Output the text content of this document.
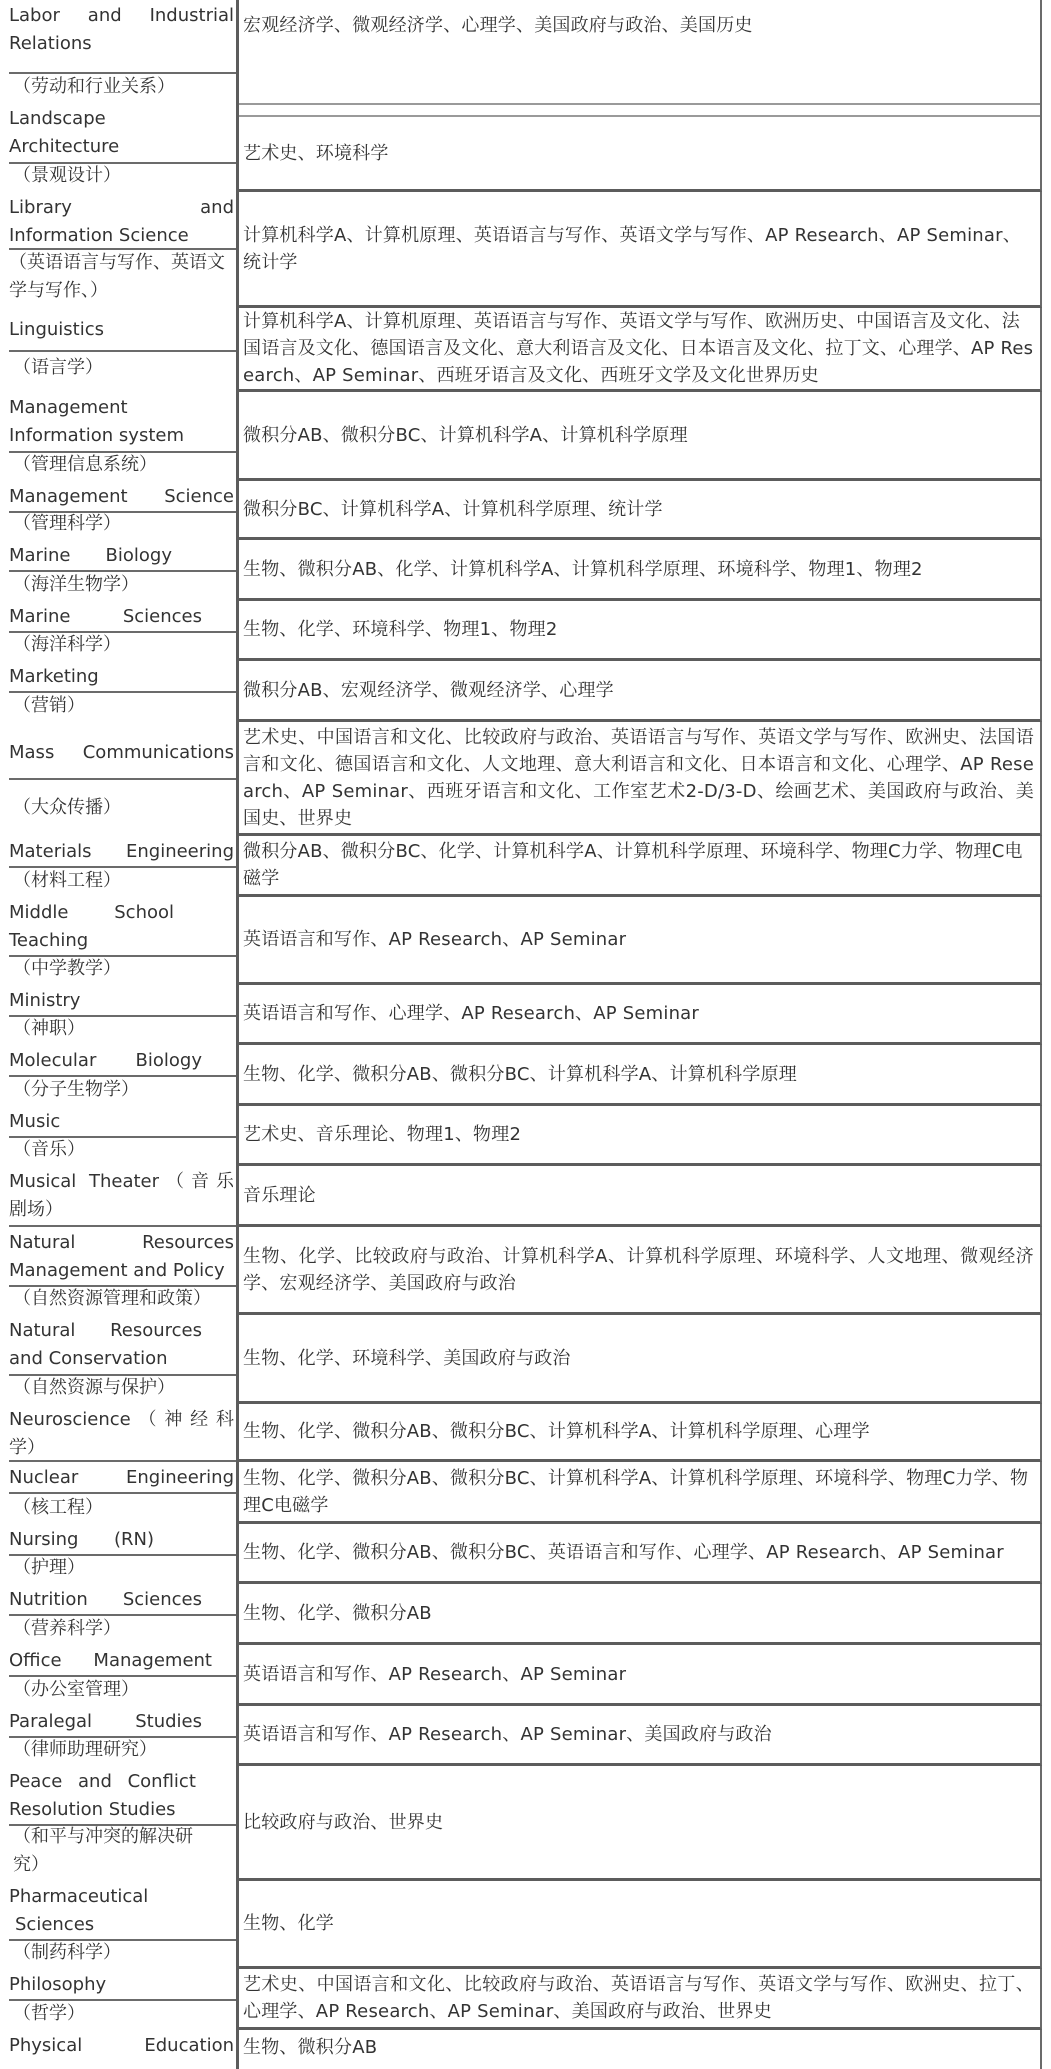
Labor and Industrial
Relations
（劳动和行业关系）
宏观经济学、微观经济学、心理学、美国政府与政治、美国历史
Landscape
Architecture
（景观设计）
艺术史、环境科学
Library and
Information Science
（英语语言与写作、英语文学与写作、）
计算机科学A、计算机原理、英语语言与写作、英语文学与写作、AP Research、AP Seminar、统计学
Linguistics
（语言学）
计算机科学A、计算机原理、英语语言与写作、英语文学与写作、欧洲历史、中国语言及文化、法国语言及文化、德国语言及文化、意大利语言及文化、日本语言及文化、拉丁文、心理学、AP Research、AP Seminar、西班牙语言及文化、西班牙文学及文化世界历史
Management
Information system
（管理信息系统）
微积分AB、微积分BC、计算机科学A、计算机科学原理
Management Science
（管理科学）
微积分BC、计算机科学A、计算机科学原理、统计学
Marine Biology
（海洋生物学）
生物、微积分AB、化学、计算机科学A、计算机科学原理、环境科学、物理1、物理2
Marine Sciences
（海洋科学）
生物、化学、环境科学、物理1、物理2
Marketing
（营销）
微积分AB、宏观经济学、微观经济学、心理学
Mass Communications
（大众传播）
艺术史、中国语言和文化、比较政府与政治、英语语言与写作、英语文学与写作、欧洲史、法国语言和文化、德国语言和文化、人文地理、意大利语言和文化、日本语言和文化、心理学、AP Research、AP Seminar、西班牙语言和文化、工作室艺术2-D/3-D、绘画艺术、美国政府与政治、美国史、世界史
Materials Engineering
（材料工程）
微积分AB、微积分BC、化学、计算机科学A、计算机科学原理、环境科学、物理C力学、物理C电磁学
Middle School
Teaching
（中学教学）
英语语言和写作、AP Research、AP Seminar
Ministry
（神职）
英语语言和写作、心理学、AP Research、AP Seminar
Molecular Biology
（分子生物学）
生物、化学、微积分AB、微积分BC、计算机科学A、计算机科学原理
Music
（音乐）
艺术史、音乐理论、物理1、物理2
Musical Theater（音乐
剧场）
音乐理论
Natural Resources
Management and Policy
（自然资源管理和政策）
生物、化学、比较政府与政治、计算机科学A、计算机科学原理、环境科学、人文地理、微观经济学、宏观经济学、美国政府与政治
Natural Resources
and Conservation
（自然资源与保护）
生物、化学、环境科学、美国政府与政治
Neuroscience（神经科
学）
生物、化学、微积分AB、微积分BC、计算机科学A、计算机科学原理、心理学
Nuclear Engineering
（核工程）
生物、化学、微积分AB、微积分BC、计算机科学A、计算机科学原理、环境科学、物理C力学、物理C电磁学
Nursing (RN)
（护理）
生物、化学、微积分AB、微积分BC、英语语言和写作、心理学、AP Research、AP Seminar
Nutrition Sciences
（营养科学）
生物、化学、微积分AB
Office Management
（办公室管理）
英语语言和写作、AP Research、AP Seminar
Paralegal Studies
（律师助理研究）
英语语言和写作、AP Research、AP Seminar、美国政府与政治
Peace and Conflict
Resolution Studies
（和平与冲突的解决研究）
比较政府与政治、世界史
Pharmaceutical
Sciences
（制药科学）
生物、化学
Philosophy
（哲学）
艺术史、中国语言和文化、比较政府与政治、英语语言与写作、英语文学与写作、欧洲史、拉丁、心理学、AP Research、AP Seminar、美国政府与政治、世界史
Physical Education 生物、微积分AB
